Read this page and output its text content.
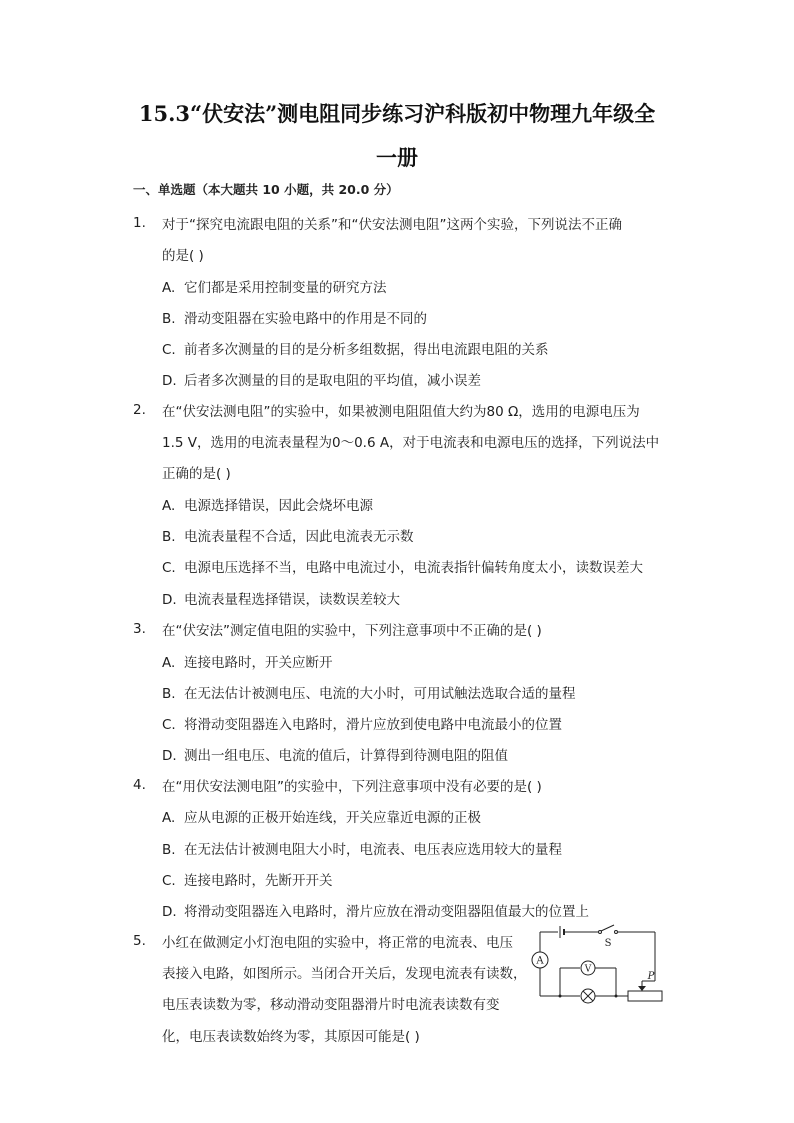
15.3“伏安法”测电阻同步练习沪科版初中物理九年级全
一册
一、单选题（本大题共 10 小题，共 20.0 分）
1. 对于“探究电流跟电阻的关系”和“伏安法测电阻”这两个实验，下列说法不正确
的是( )
A. 它们都是采用控制变量的研究方法
B. 滑动变阻器在实验电路中的作用是不同的
C. 前者多次测量的目的是分析多组数据，得出电流跟电阻的关系
D. 后者多次测量的目的是取电阻的平均值，减小误差
2. 在“伏安法测电阻”的实验中，如果被测电阻阻值大约为80 Ω，选用的电源电压为
1.5 V，选用的电流表量程为0～0.6 A，对于电流表和电源电压的选择，下列说法中
正确的是( )
A. 电源选择错误，因此会烧坏电源
B. 电流表量程不合适，因此电流表无示数
C. 电源电压选择不当，电路中电流过小，电流表指针偏转角度太小，读数误差大
D. 电流表量程选择错误，读数误差较大
3. 在“伏安法”测定值电阻的实验中，下列注意事项中不正确的是( )
A. 连接电路时，开关应断开
B. 在无法估计被测电压、电流的大小时，可用试触法选取合适的量程
C. 将滑动变阻器连入电路时，滑片应放到使电路中电流最小的位置
D. 测出一组电压、电流的值后，计算得到待测电阻的阻值
4. 在“用伏安法测电阻”的实验中，下列注意事项中没有必要的是( )
A. 应从电源的正极开始连线，开关应靠近电源的正极
B. 在无法估计被测电阻大小时，电流表、电压表应选用较大的量程
C. 连接电路时，先断开开关
D. 将滑动变阻器连入电路时，滑片应放在滑动变阻器阻值最大的位置上
5. 小红在做测定小灯泡电阻的实验中，将正常的电流表、电压
表接入电路，如图所示。当闭合开关后，发现电流表有读数，
电压表读数为零，移动滑动变阻器滑片时电流表读数有变
化，电压表读数始终为零，其原因可能是( )
A
V
S
P
